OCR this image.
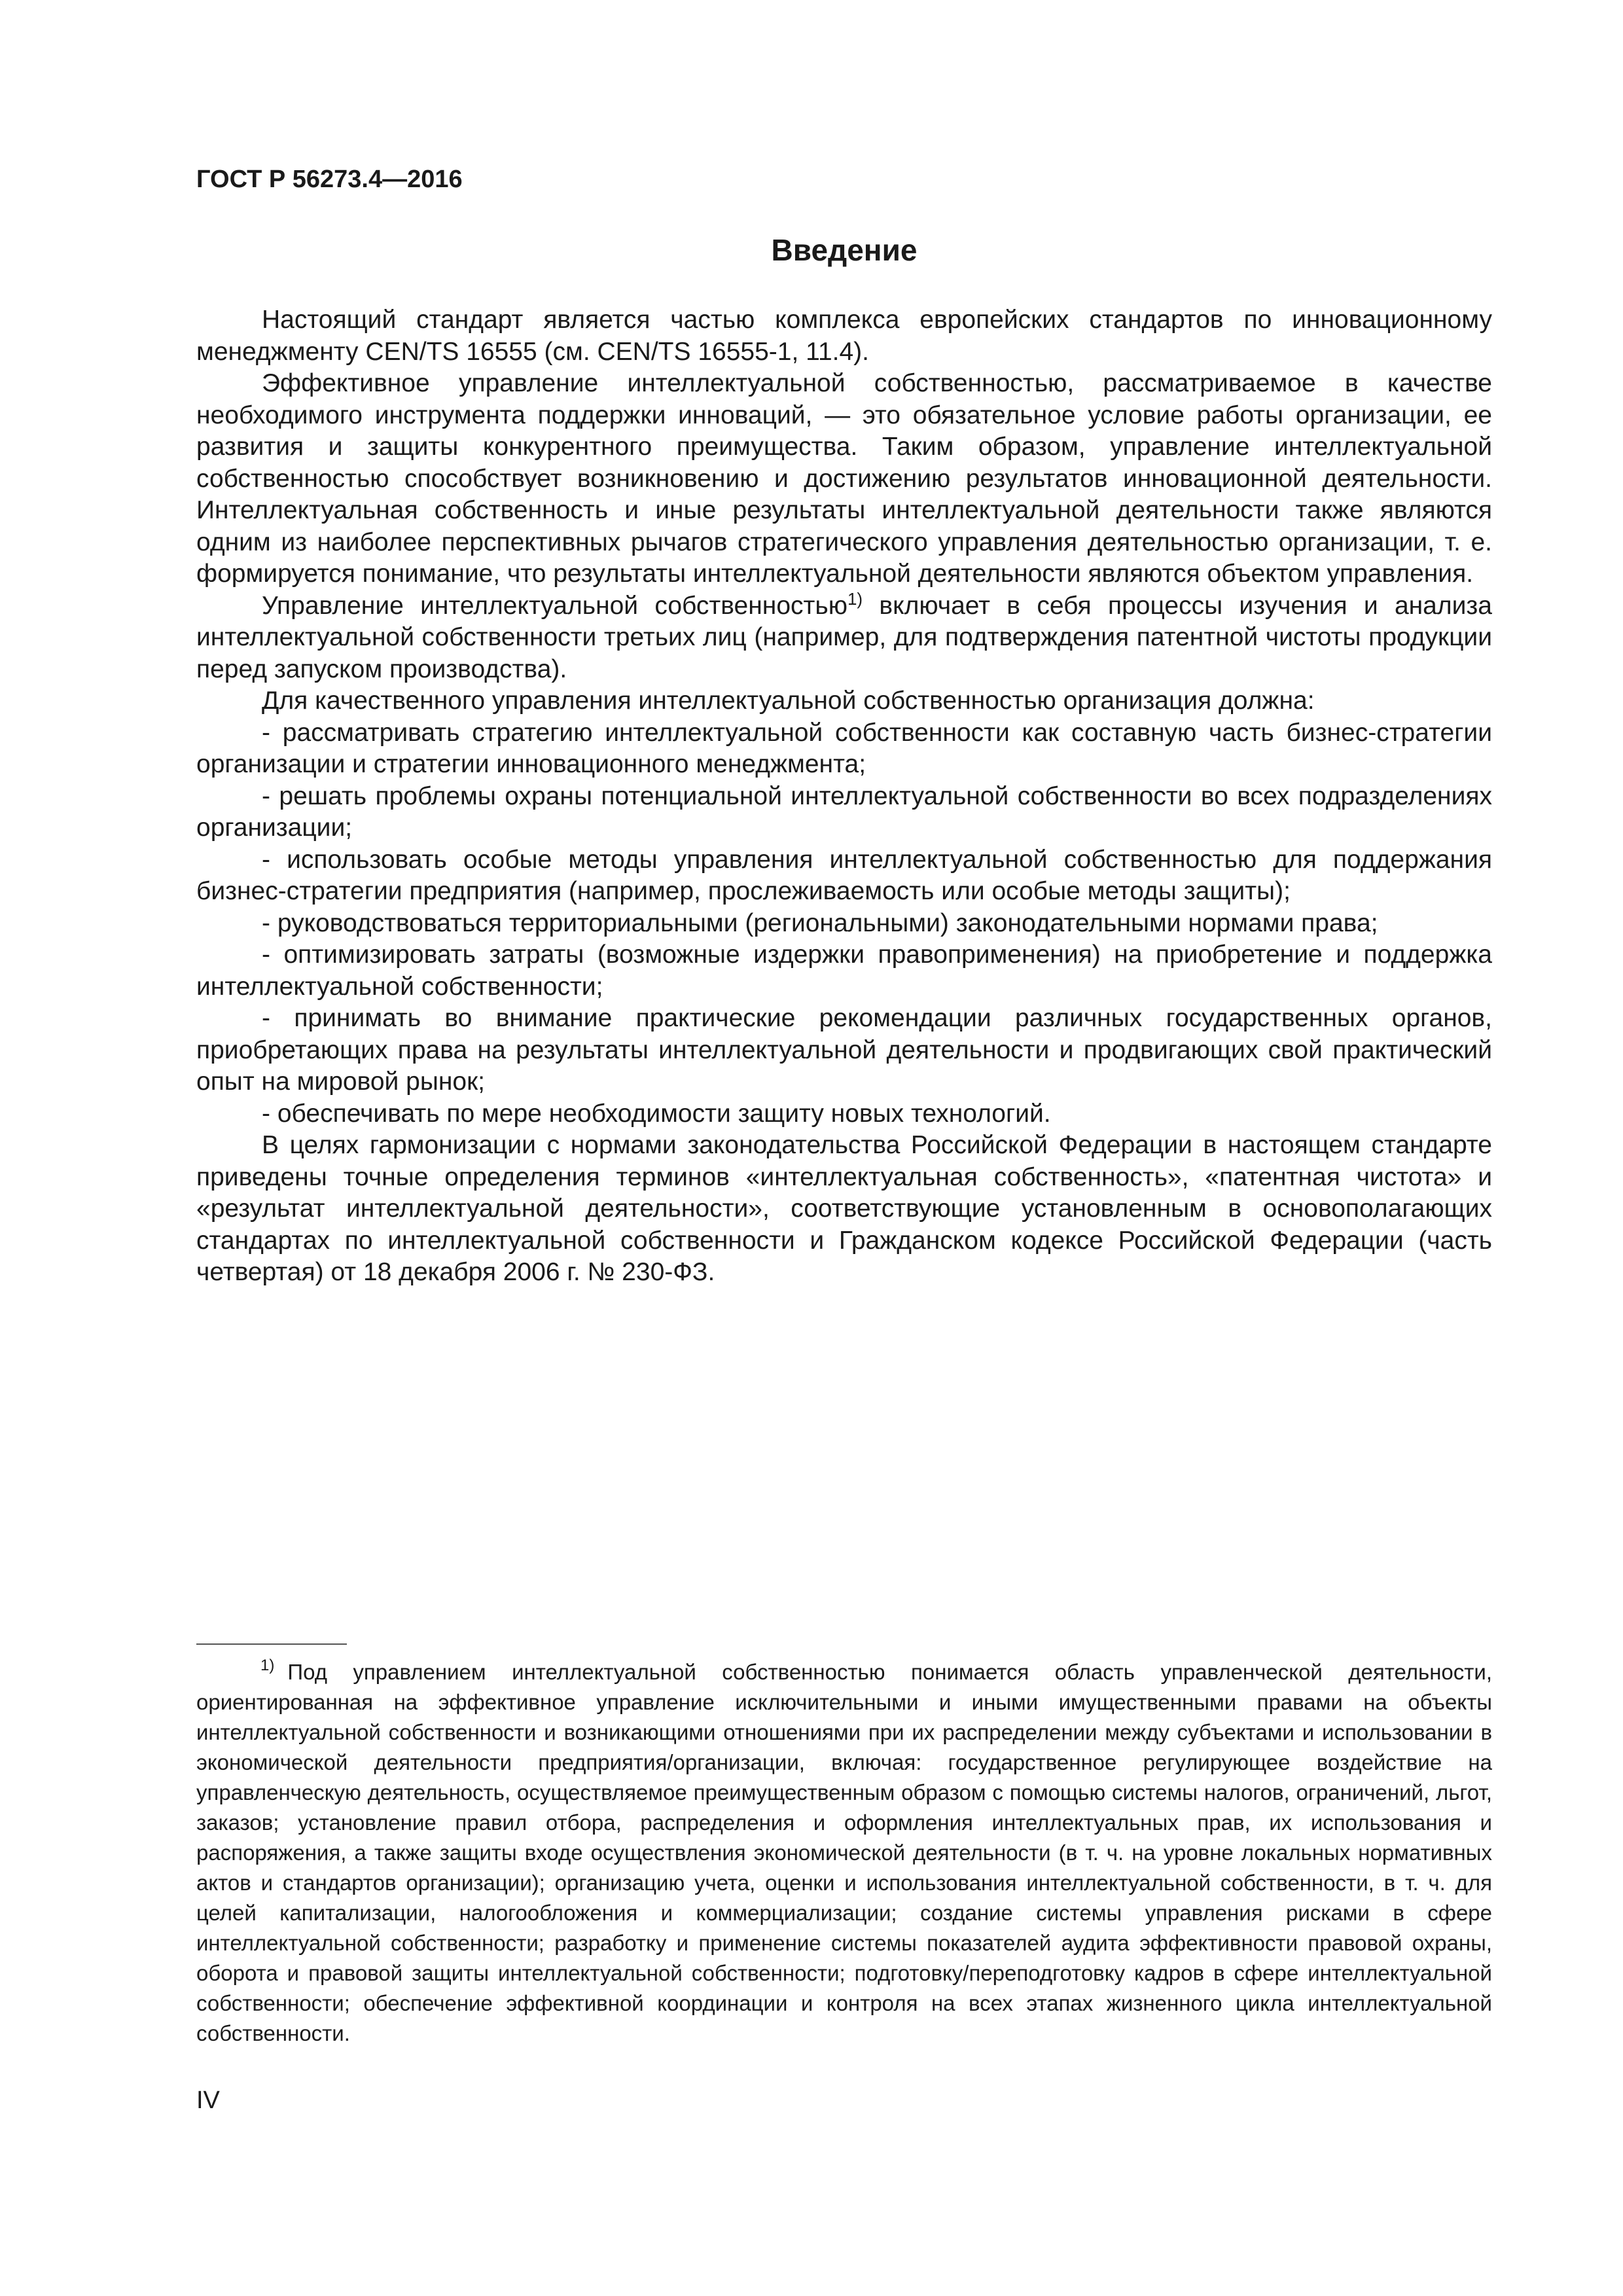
ГОСТ Р 56273.4—2016
Введение

Настоящий стандарт является частью комплекса европейских стандартов по инновационному менеджменту CEN/TS 16555 (см. CEN/TS 16555-1, 11.4).

Эффективное управление интеллектуальной собственностью, рассматриваемое в качестве необходимого инструмента поддержки инноваций, — это обязательное условие работы организации, ее развития и защиты конкурентного преимущества. Таким образом, управление интеллектуальной собственностью способствует возникновению и достижению результатов инновационной деятельности. Интеллектуальная собственность и иные результаты интеллектуальной деятельности также являются одним из наиболее перспективных рычагов стратегического управления деятельностью организации, т. е. формируется понимание, что результаты интеллектуальной деятельности являются объектом управления.

Управление интеллектуальной собственностью$^{1)}$ включает в себя процессы изучения и анализа интеллектуальной собственности третьих лиц (например, для подтверждения патентной чистоты продукции перед запуском производства).

Для качественного управления интеллектуальной собственностью организация должна:

- рассматривать стратегию интеллектуальной собственности как составную часть бизнес-стратегии организации и стратегии инновационного менеджмента;

- решать проблемы охраны потенциальной интеллектуальной собственности во всех подразделениях организации;

- использовать особые методы управления интеллектуальной собственностью для поддержания бизнес-стратегии предприятия (например, прослеживаемость или особые методы защиты);

- руководствоваться территориальными (региональными) законодательными нормами права;

- оптимизировать затраты (возможные издержки правоприменения) на приобретение и поддержка интеллектуальной собственности;

- принимать во внимание практические рекомендации различных государственных органов, приобретающих права на результаты интеллектуальной деятельности и продвигающих свой практический опыт на мировой рынок;

- обеспечивать по мере необходимости защиту новых технологий.

В целях гармонизации с нормами законодательства Российской Федерации в настоящем стандарте приведены точные определения терминов «интеллектуальная собственность», «патентная чистота» и «результат интеллектуальной деятельности», соответствующие установленным в основополагающих стандартах по интеллектуальной собственности и Гражданском кодексе Российской Федерации (часть четвертая) от 18 декабря 2006 г. № 230-ФЗ.

$^{1)}$ Под управлением интеллектуальной собственностью понимается область управленческой деятельности, ориентированная на эффективное управление исключительными и иными имущественными правами на объекты интеллектуальной собственности и возникающими отношениями при их распределении между субъектами и использовании в экономической деятельности предприятия/организации, включая: государственное регулирующее воздействие на управленческую деятельность, осуществляемое преимущественным образом с помощью системы налогов, ограничений, льгот, заказов; установление правил отбора, распределения и оформления интеллектуальных прав, их использования и распоряжения, а также защиты входе осуществления экономической деятельности (в т. ч. на уровне локальных нормативных актов и стандартов организации); организацию учета, оценки и использования интеллектуальной собственности, в т. ч. для целей капитализации, налогообложения и коммерциализации; создание системы управления рисками в сфере интеллектуальной собственности; разработку и применение системы показателей аудита эффективности правовой охраны, оборота и правовой защиты интеллектуальной собственности; подготовку/переподготовку кадров в сфере интеллектуальной собственности; обеспечение эффективной координации и контроля на всех этапах жизненного цикла интеллектуальной собственности.

IV
